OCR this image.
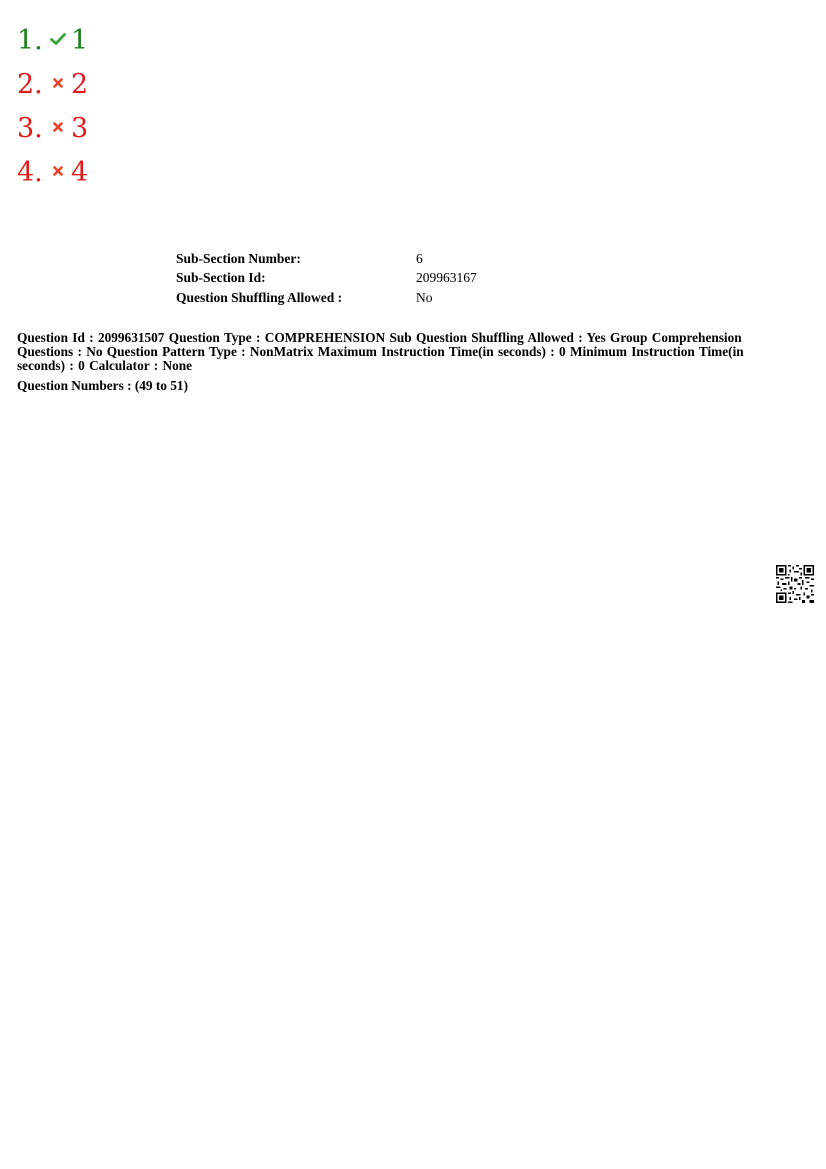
1. 1
2. 2
3. 3
4. 4
Sub-Section Number:	6
Sub-Section Id:	209963167
Question Shuffling Allowed :	No
Question Id : 2099631507 Question Type : COMPREHENSION Sub Question Shuffling Allowed : Yes Group Comprehension Questions : No Question Pattern Type : NonMatrix Maximum Instruction Time(in seconds) : 0 Minimum Instruction Time(in seconds) : 0 Calculator : None
Question Numbers : (49 to 51)
